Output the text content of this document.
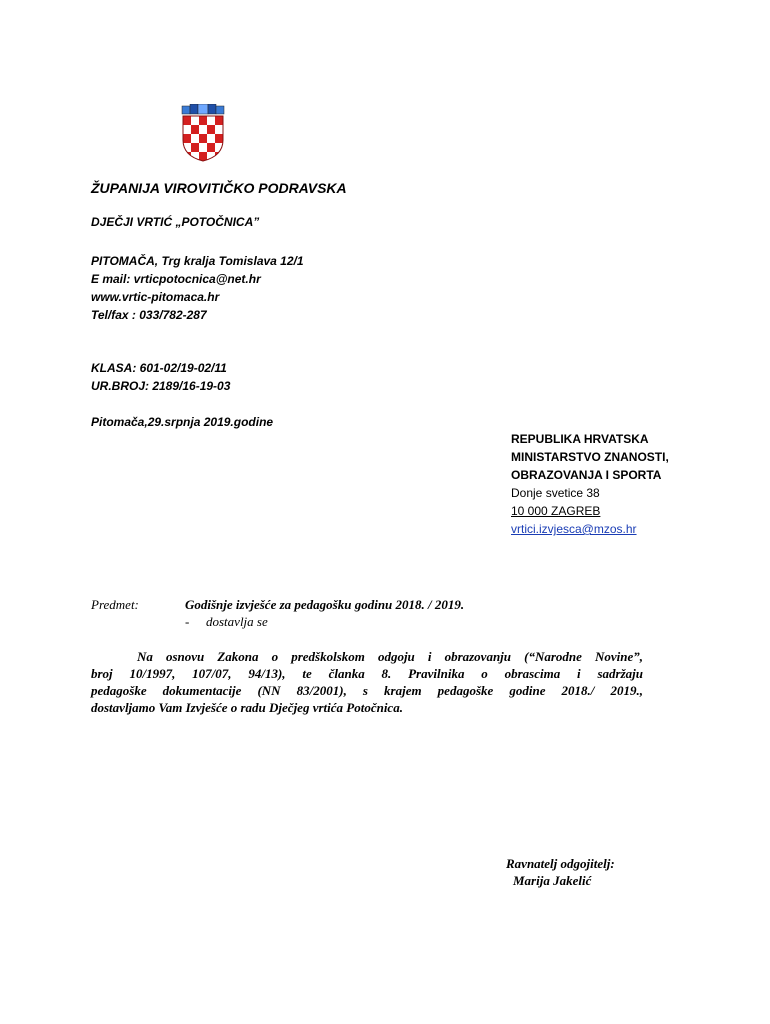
ŽUPANIJA VIROVITIČKO PODRAVSKA
DJEČJI VRTIĆ „POTOČNICA”
PITOMAČA, Trg kralja Tomislava 12/1
E mail: vrticpotocnica@net.hr
www.vrtic-pitomaca.hr
Tel/fax : 033/782-287
KLASA: 601-02/19-02/11
UR.BROJ: 2189/16-19-03
Pitomača,29.srpnja 2019.godine
REPUBLIKA HRVATSKA
MINISTARSTVO ZNANOSTI,
OBRAZOVANJA I SPORTA
Donje svetice 38
10 000 ZAGREB
vrtici.izvjesca@mzos.hr
Predmet:	Godišnje izvješće za pedagošku godinu 2018. / 2019.
- dostavlja se
Na osnovu Zakona o predškolskom odgoju i obrazovanju (“Narodne Novine”,
broj 10/1997, 107/07, 94/13), te članka 8. Pravilnika o obrascima i sadržaju
pedagoške dokumentacije (NN 83/2001), s krajem pedagoške godine 2018./ 2019.,
dostavljamo Vam Izvješće o radu Dječjeg vrtića Potočnica.
Ravnatelj odgojitelj:
Marija Jakelić
